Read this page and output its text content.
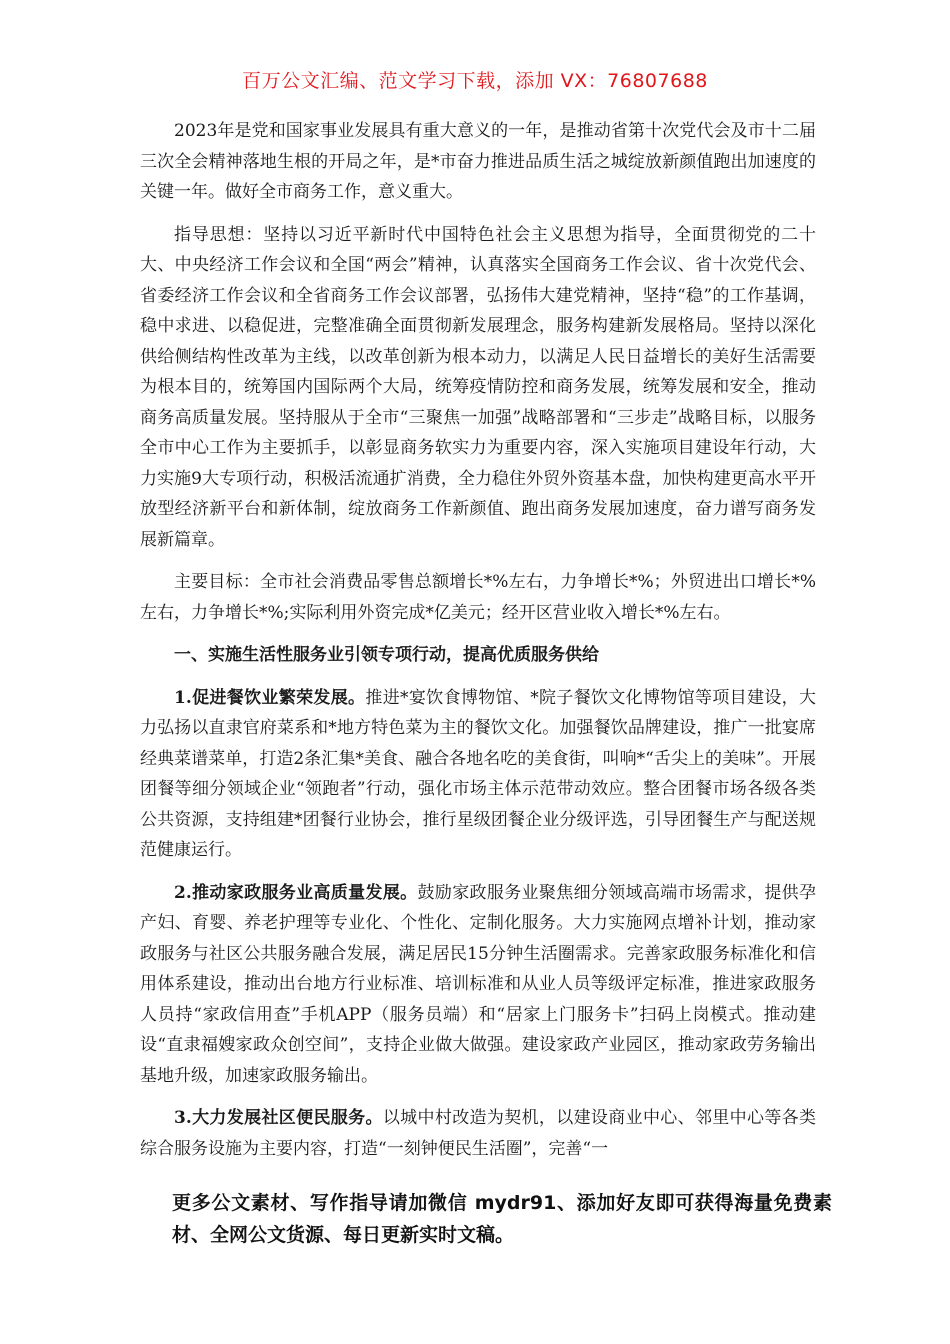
百万公文汇编、范文学习下载，添加 VX：76807688

2023年是党和国家事业发展具有重大意义的一年，是推动省第十次党代会及市十二届三次全会精神落地生根的开局之年，是*市奋力推进品质生活之城绽放新颜值跑出加速度的关键一年。做好全市商务工作，意义重大。

指导思想：坚持以习近平新时代中国特色社会主义思想为指导，全面贯彻党的二十大、中央经济工作会议和全国“两会”精神，认真落实全国商务工作会议、省十次党代会、省委经济工作会议和全省商务工作会议部署，弘扬伟大建党精神，坚持“稳”的工作基调，稳中求进、以稳促进，完整准确全面贯彻新发展理念，服务构建新发展格局。坚持以深化供给侧结构性改革为主线，以改革创新为根本动力，以满足人民日益增长的美好生活需要为根本目的，统筹国内国际两个大局，统筹疫情防控和商务发展，统筹发展和安全，推动商务高质量发展。坚持服从于全市“三聚焦一加强”战略部署和“三步走”战略目标，以服务全市中心工作为主要抓手，以彰显商务软实力为重要内容，深入实施项目建设年行动，大力实施9大专项行动，积极活流通扩消费，全力稳住外贸外资基本盘，加快构建更高水平开放型经济新平台和新体制，绽放商务工作新颜值、跑出商务发展加速度，奋力谱写商务发展新篇章。

主要目标：全市社会消费品零售总额增长*%左右，力争增长*%；外贸进出口增长*%左右，力争增长*%;实际利用外资完成*亿美元；经开区营业收入增长*%左右。

一、实施生活性服务业引领专项行动，提高优质服务供给

1.促进餐饮业繁荣发展。推进*宴饮食博物馆、*院子餐饮文化博物馆等项目建设，大力弘扬以直隶官府菜系和*地方特色菜为主的餐饮文化。加强餐饮品牌建设，推广一批宴席经典菜谱菜单，打造2条汇集*美食、融合各地名吃的美食街，叫响*“舌尖上的美味”。开展团餐等细分领域企业“领跑者”行动，强化市场主体示范带动效应。整合团餐市场各级各类公共资源，支持组建*团餐行业协会，推行星级团餐企业分级评选，引导团餐生产与配送规范健康运行。

2.推动家政服务业高质量发展。鼓励家政服务业聚焦细分领域高端市场需求，提供孕产妇、育婴、养老护理等专业化、个性化、定制化服务。大力实施网点增补计划，推动家政服务与社区公共服务融合发展，满足居民15分钟生活圈需求。完善家政服务标准化和信用体系建设，推动出台地方行业标准、培训标准和从业人员等级评定标准，推进家政服务人员持“家政信用查”手机APP（服务员端）和“居家上门服务卡”扫码上岗模式。推动建设“直隶福嫂家政众创空间”，支持企业做大做强。建设家政产业园区，推动家政劳务输出基地升级，加速家政服务输出。

3.大力发展社区便民服务。以城中村改造为契机，以建设商业中心、邻里中心等各类综合服务设施为主要内容，打造“一刻钟便民生活圈”，完善“一

更多公文素材、写作指导请加微信 mydr91、添加好友即可获得海量免费素材、全网公文货源、每日更新实时文稿。
